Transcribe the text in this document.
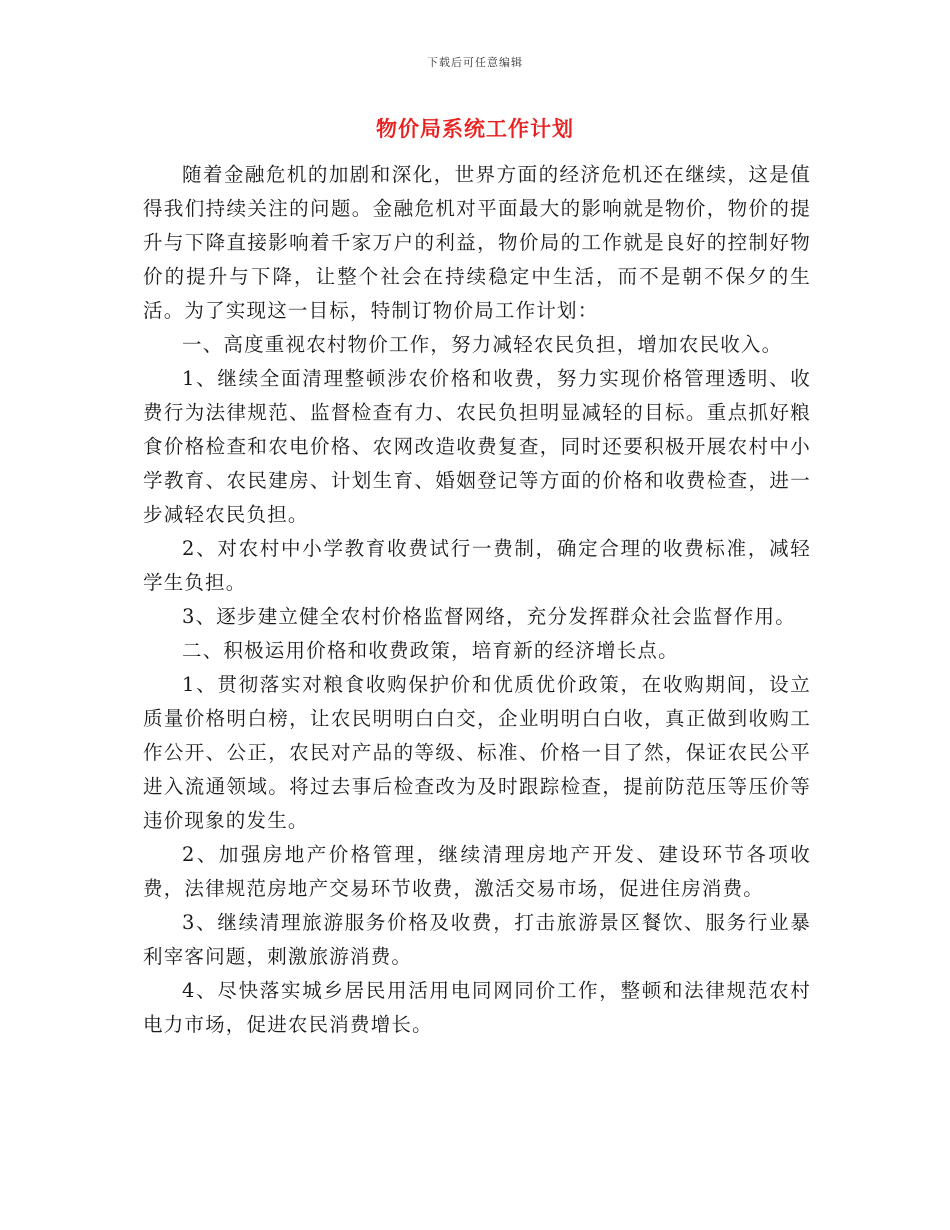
下载后可任意编辑
物价局系统工作计划

随着金融危机的加剧和深化，世界方面的经济危机还在继续，这是值得我们持续关注的问题。金融危机对平面最大的影响就是物价，物价的提升与下降直接影响着千家万户的利益，物价局的工作就是良好的控制好物价的提升与下降，让整个社会在持续稳定中生活，而不是朝不保夕的生活。为了实现这一目标，特制订物价局工作计划：

一、高度重视农村物价工作，努力减轻农民负担，增加农民收入。

1、继续全面清理整顿涉农价格和收费，努力实现价格管理透明、收费行为法律规范、监督检查有力、农民负担明显减轻的目标。重点抓好粮食价格检查和农电价格、农网改造收费复查，同时还要积极开展农村中小学教育、农民建房、计划生育、婚姻登记等方面的价格和收费检查，进一步减轻农民负担。

2、对农村中小学教育收费试行一费制，确定合理的收费标准，减轻学生负担。

3、逐步建立健全农村价格监督网络，充分发挥群众社会监督作用。

二、积极运用价格和收费政策，培育新的经济增长点。

1、贯彻落实对粮食收购保护价和优质优价政策，在收购期间，设立质量价格明白榜，让农民明明白白交，企业明明白白收，真正做到收购工作公开、公正，农民对产品的等级、标准、价格一目了然，保证农民公平进入流通领域。将过去事后检查改为及时跟踪检查，提前防范压等压价等违价现象的发生。

2、加强房地产价格管理，继续清理房地产开发、建设环节各项收费，法律规范房地产交易环节收费，激活交易市场，促进住房消费。

3、继续清理旅游服务价格及收费，打击旅游景区餐饮、服务行业暴利宰客问题，刺激旅游消费。

4、尽快落实城乡居民用活用电同网同价工作，整顿和法律规范农村电力市场，促进农民消费增长。
